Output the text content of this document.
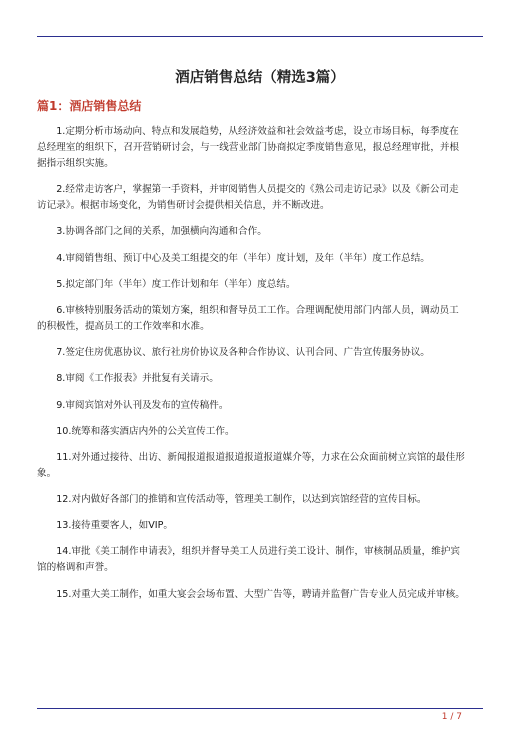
酒店销售总结（精选3篇）
篇1：酒店销售总结

1.定期分析市场动向、特点和发展趋势，从经济效益和社会效益考虑，设立市场目标，每季度在总经理室的组织下，召开营销研讨会，与一线营业部门协商拟定季度销售意见，报总经理审批，并根据指示组织实施。

2.经常走访客户，掌握第一手资料，并审阅销售人员提交的《熟公司走访记录》以及《新公司走访记录》。根据市场变化，为销售研讨会提供相关信息，并不断改进。

3.协调各部门之间的关系，加强横向沟通和合作。

4.审阅销售组、预订中心及美工组提交的年（半年）度计划，及年（半年）度工作总结。

5.拟定部门年（半年）度工作计划和年（半年）度总结。

6.审核特别服务活动的策划方案，组织和督导员工工作。合理调配使用部门内部人员，调动员工的积极性，提高员工的工作效率和水准。

7.签定住房优惠协议、旅行社房价协议及各种合作协议、认刊合同、广告宣传服务协议。

8.审阅《工作报表》并批复有关请示。

9.审阅宾馆对外认刊及发布的宣传稿件。

10.统筹和落实酒店内外的公关宣传工作。

11.对外通过接待、出访、新闻报道报道报道报道报道媒介等，力求在公众面前树立宾馆的最佳形象。

12.对内做好各部门的推销和宣传活动等，管理美工制作，以达到宾馆经营的宣传目标。

13.接待重要客人，如VIP。

14.审批《美工制作申请表》，组织并督导美工人员进行美工设计、制作，审核制品质量，维护宾馆的格调和声誉。

15.对重大美工制作，如重大宴会会场布置、大型广告等，聘请并监督广告专业人员完成并审核。

1 / 7
